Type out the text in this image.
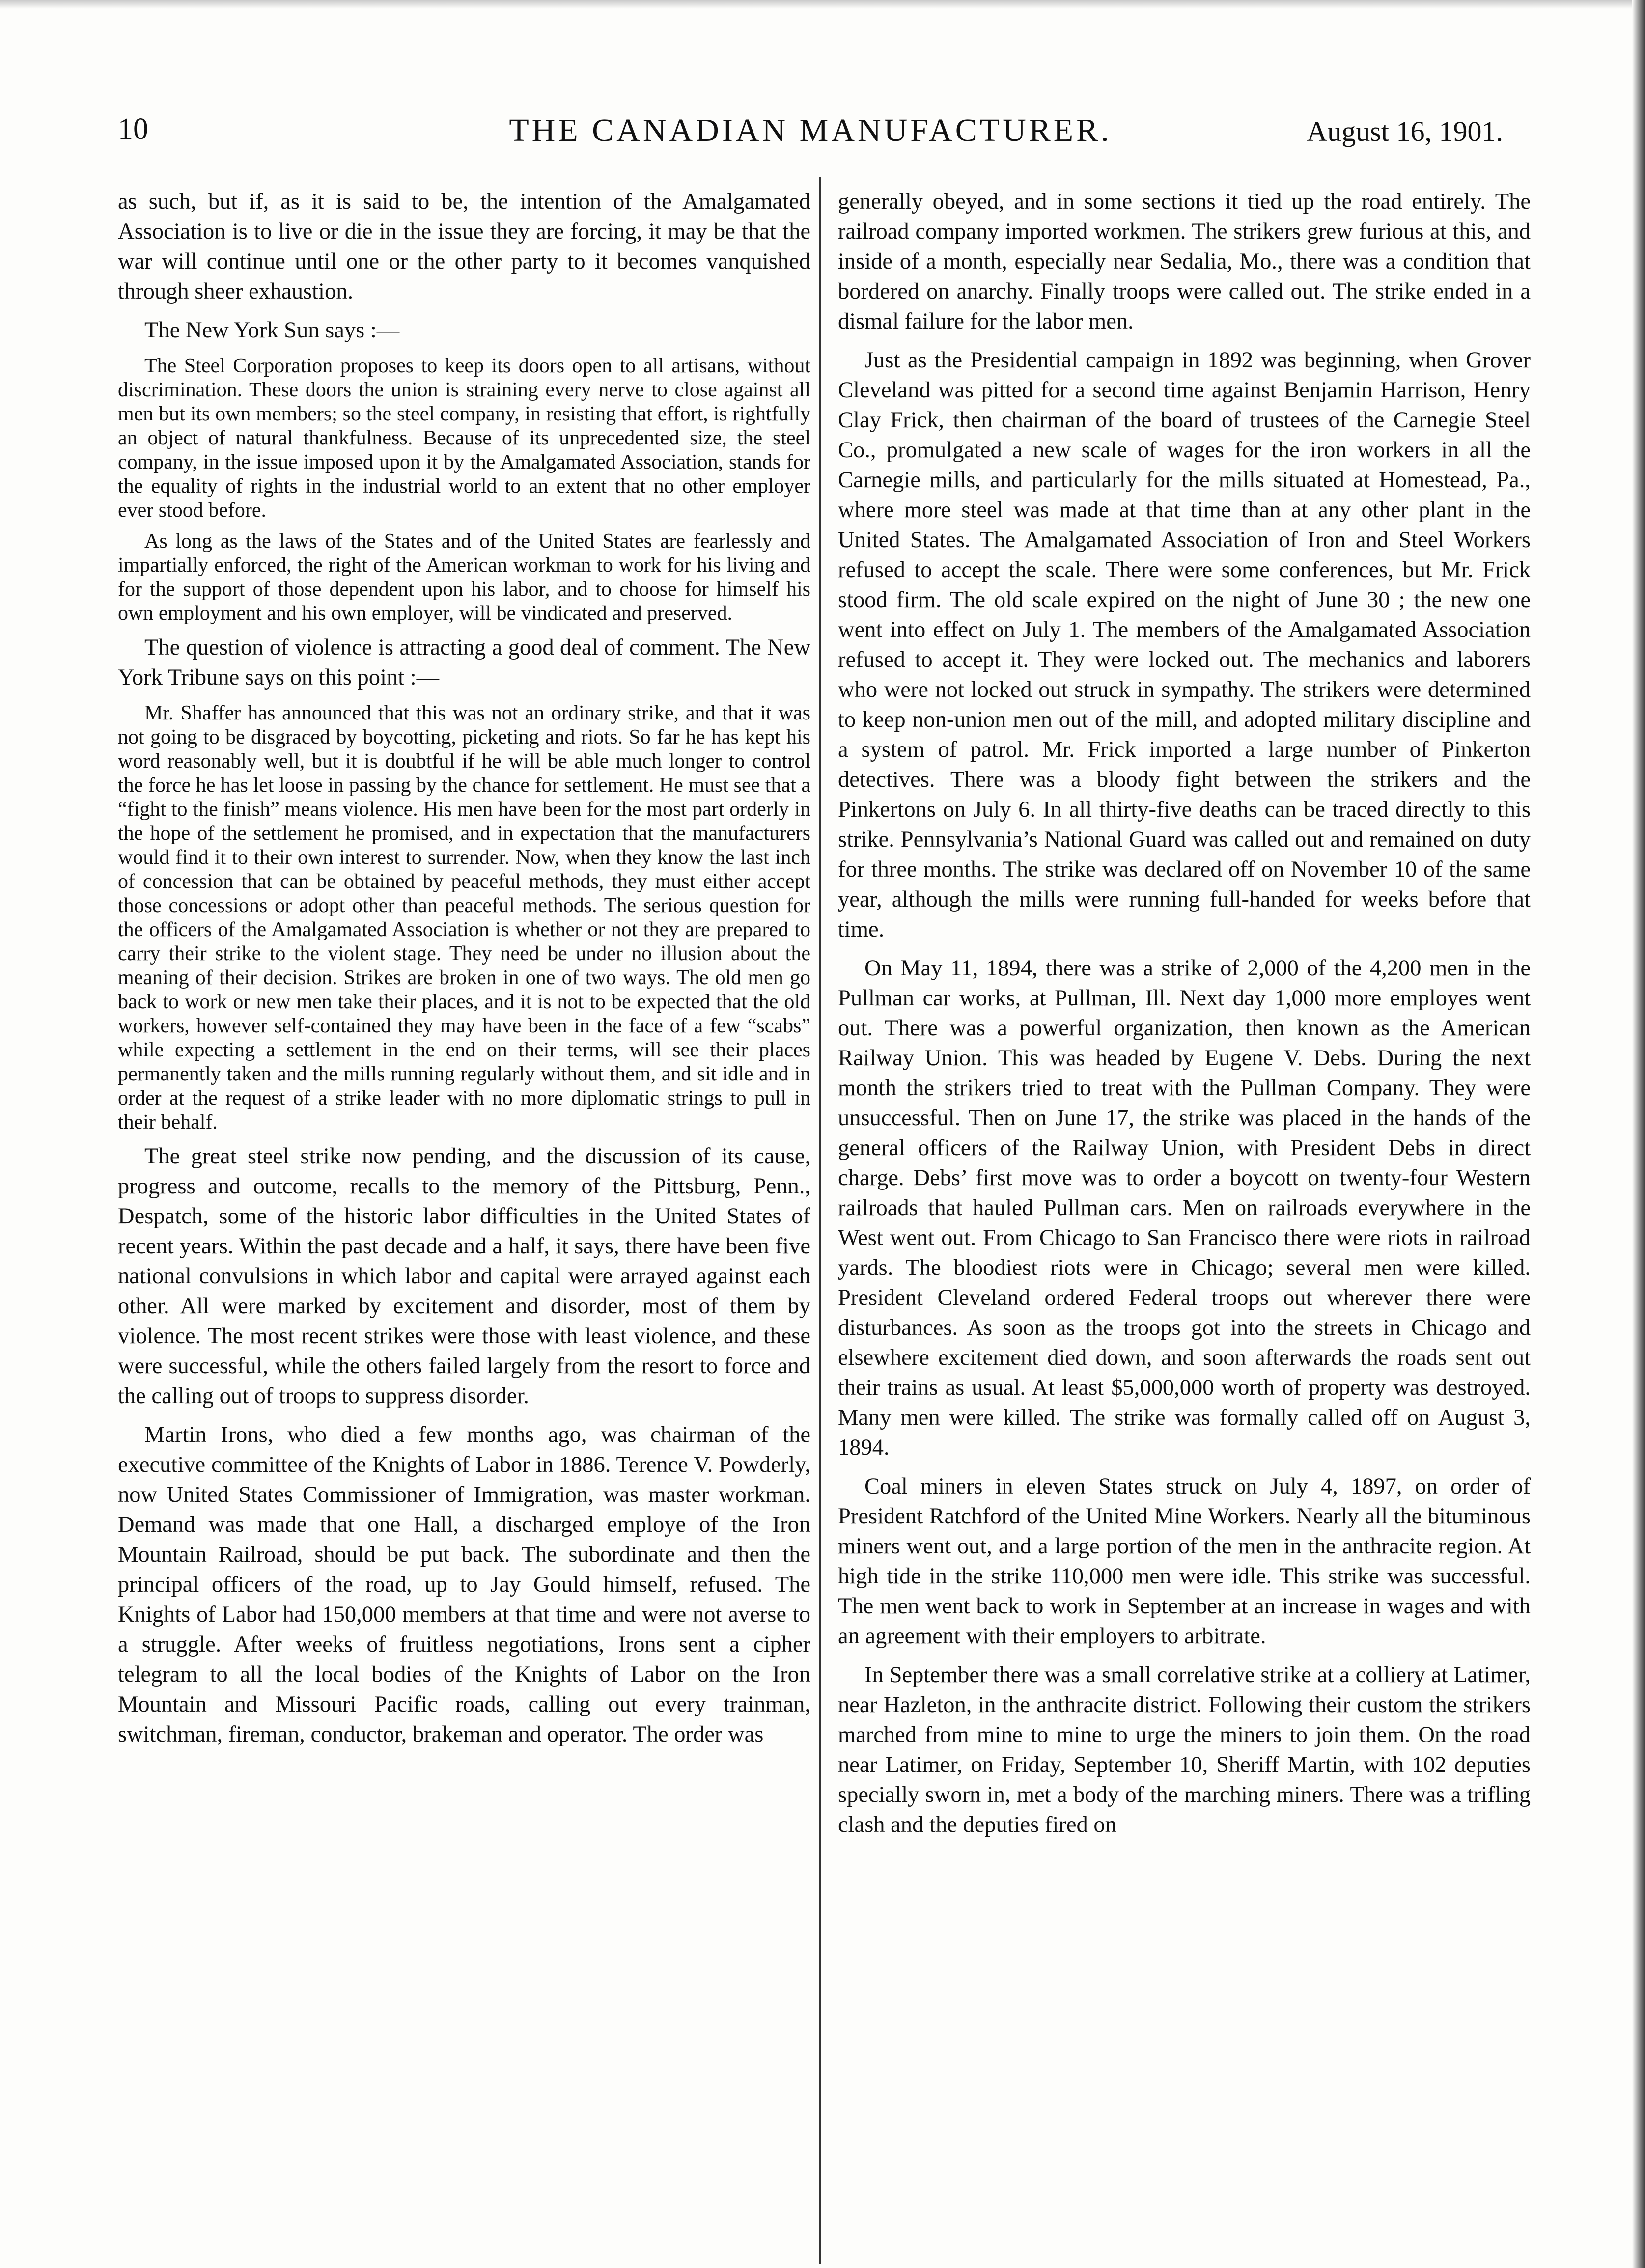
10	THE CANADIAN MANUFACTURER.	August 16, 1901.

as such, but if, as it is said to be, the intention of the Amalgamated Association is to live or die in the issue they are forcing, it may be that the war will continue until one or the other party to it becomes vanquished through sheer exhaustion.

The New York Sun says :—

The Steel Corporation proposes to keep its doors open to all artisans, without discrimination. These doors the union is straining every nerve to close against all men but its own members; so the steel company, in resisting that effort, is rightfully an object of natural thankfulness. Because of its unprecedented size, the steel company, in the issue imposed upon it by the Amalgamated Association, stands for the equality of rights in the industrial world to an extent that no other employer ever stood before.

As long as the laws of the States and of the United States are fearlessly and impartially enforced, the right of the American workman to work for his living and for the support of those dependent upon his labor, and to choose for himself his own employment and his own employer, will be vindicated and preserved.

The question of violence is attracting a good deal of comment. The New York Tribune says on this point :—

Mr. Shaffer has announced that this was not an ordinary strike, and that it was not going to be disgraced by boycotting, picketing and riots. So far he has kept his word reasonably well, but it is doubtful if he will be able much longer to control the force he has let loose in passing by the chance for settlement. He must see that a “fight to the finish” means violence. His men have been for the most part orderly in the hope of the settlement he promised, and in expectation that the manufacturers would find it to their own interest to surrender. Now, when they know the last inch of concession that can be obtained by peaceful methods, they must either accept those concessions or adopt other than peaceful methods. The serious question for the officers of the Amalgamated Association is whether or not they are prepared to carry their strike to the violent stage. They need be under no illusion about the meaning of their decision. Strikes are broken in one of two ways. The old men go back to work or new men take their places, and it is not to be expected that the old workers, however self-contained they may have been in the face of a few “scabs” while expecting a settlement in the end on their terms, will see their places permanently taken and the mills running regularly without them, and sit idle and in order at the request of a strike leader with no more diplomatic strings to pull in their behalf.

The great steel strike now pending, and the discussion of its cause, progress and outcome, recalls to the memory of the Pittsburg, Penn., Despatch, some of the historic labor difficulties in the United States of recent years. Within the past decade and a half, it says, there have been five national convulsions in which labor and capital were arrayed against each other. All were marked by excitement and disorder, most of them by violence. The most recent strikes were those with least violence, and these were successful, while the others failed largely from the resort to force and the calling out of troops to suppress disorder.

Martin Irons, who died a few months ago, was chairman of the executive committee of the Knights of Labor in 1886. Terence V. Powderly, now United States Commissioner of Immigration, was master workman. Demand was made that one Hall, a discharged employe of the Iron Mountain Railroad, should be put back. The subordinate and then the principal officers of the road, up to Jay Gould himself, refused. The Knights of Labor had 150,000 members at that time and were not averse to a struggle. After weeks of fruitless negotiations, Irons sent a cipher telegram to all the local bodies of the Knights of Labor on the Iron Mountain and Missouri Pacific roads, calling out every trainman, switchman, fireman, conductor, brakeman and operator. The order was

generally obeyed, and in some sections it tied up the road entirely. The railroad company imported workmen. The strikers grew furious at this, and inside of a month, especially near Sedalia, Mo., there was a condition that bordered on anarchy. Finally troops were called out. The strike ended in a dismal failure for the labor men.

Just as the Presidential campaign in 1892 was beginning, when Grover Cleveland was pitted for a second time against Benjamin Harrison, Henry Clay Frick, then chairman of the board of trustees of the Carnegie Steel Co., promulgated a new scale of wages for the iron workers in all the Carnegie mills, and particularly for the mills situated at Homestead, Pa., where more steel was made at that time than at any other plant in the United States. The Amalgamated Association of Iron and Steel Workers refused to accept the scale. There were some conferences, but Mr. Frick stood firm. The old scale expired on the night of June 30 ; the new one went into effect on July 1. The members of the Amalgamated Association refused to accept it. They were locked out. The mechanics and laborers who were not locked out struck in sympathy. The strikers were determined to keep non-union men out of the mill, and adopted military discipline and a system of patrol. Mr. Frick imported a large number of Pinkerton detectives. There was a bloody fight between the strikers and the Pinkertons on July 6. In all thirty-five deaths can be traced directly to this strike. Pennsylvania’s National Guard was called out and remained on duty for three months. The strike was declared off on November 10 of the same year, although the mills were running full-handed for weeks before that time.

On May 11, 1894, there was a strike of 2,000 of the 4,200 men in the Pullman car works, at Pullman, Ill. Next day 1,000 more employes went out. There was a powerful organization, then known as the American Railway Union. This was headed by Eugene V. Debs. During the next month the strikers tried to treat with the Pullman Company. They were unsuccessful. Then on June 17, the strike was placed in the hands of the general officers of the Railway Union, with President Debs in direct charge. Debs’ first move was to order a boycott on twenty-four Western railroads that hauled Pullman cars. Men on railroads everywhere in the West went out. From Chicago to San Francisco there were riots in railroad yards. The bloodiest riots were in Chicago; several men were killed. President Cleveland ordered Federal troops out wherever there were disturbances. As soon as the troops got into the streets in Chicago and elsewhere excitement died down, and soon afterwards the roads sent out their trains as usual. At least $5,000,000 worth of property was destroyed. Many men were killed. The strike was formally called off on August 3, 1894.

Coal miners in eleven States struck on July 4, 1897, on order of President Ratchford of the United Mine Workers. Nearly all the bituminous miners went out, and a large portion of the men in the anthracite region. At high tide in the strike 110,000 men were idle. This strike was successful. The men went back to work in September at an increase in wages and with an agreement with their employers to arbitrate.

In September there was a small correlative strike at a colliery at Latimer, near Hazleton, in the anthracite district. Following their custom the strikers marched from mine to mine to urge the miners to join them. On the road near Latimer, on Friday, September 10, Sheriff Martin, with 102 deputies specially sworn in, met a body of the marching miners. There was a trifling clash and the deputies fired on
